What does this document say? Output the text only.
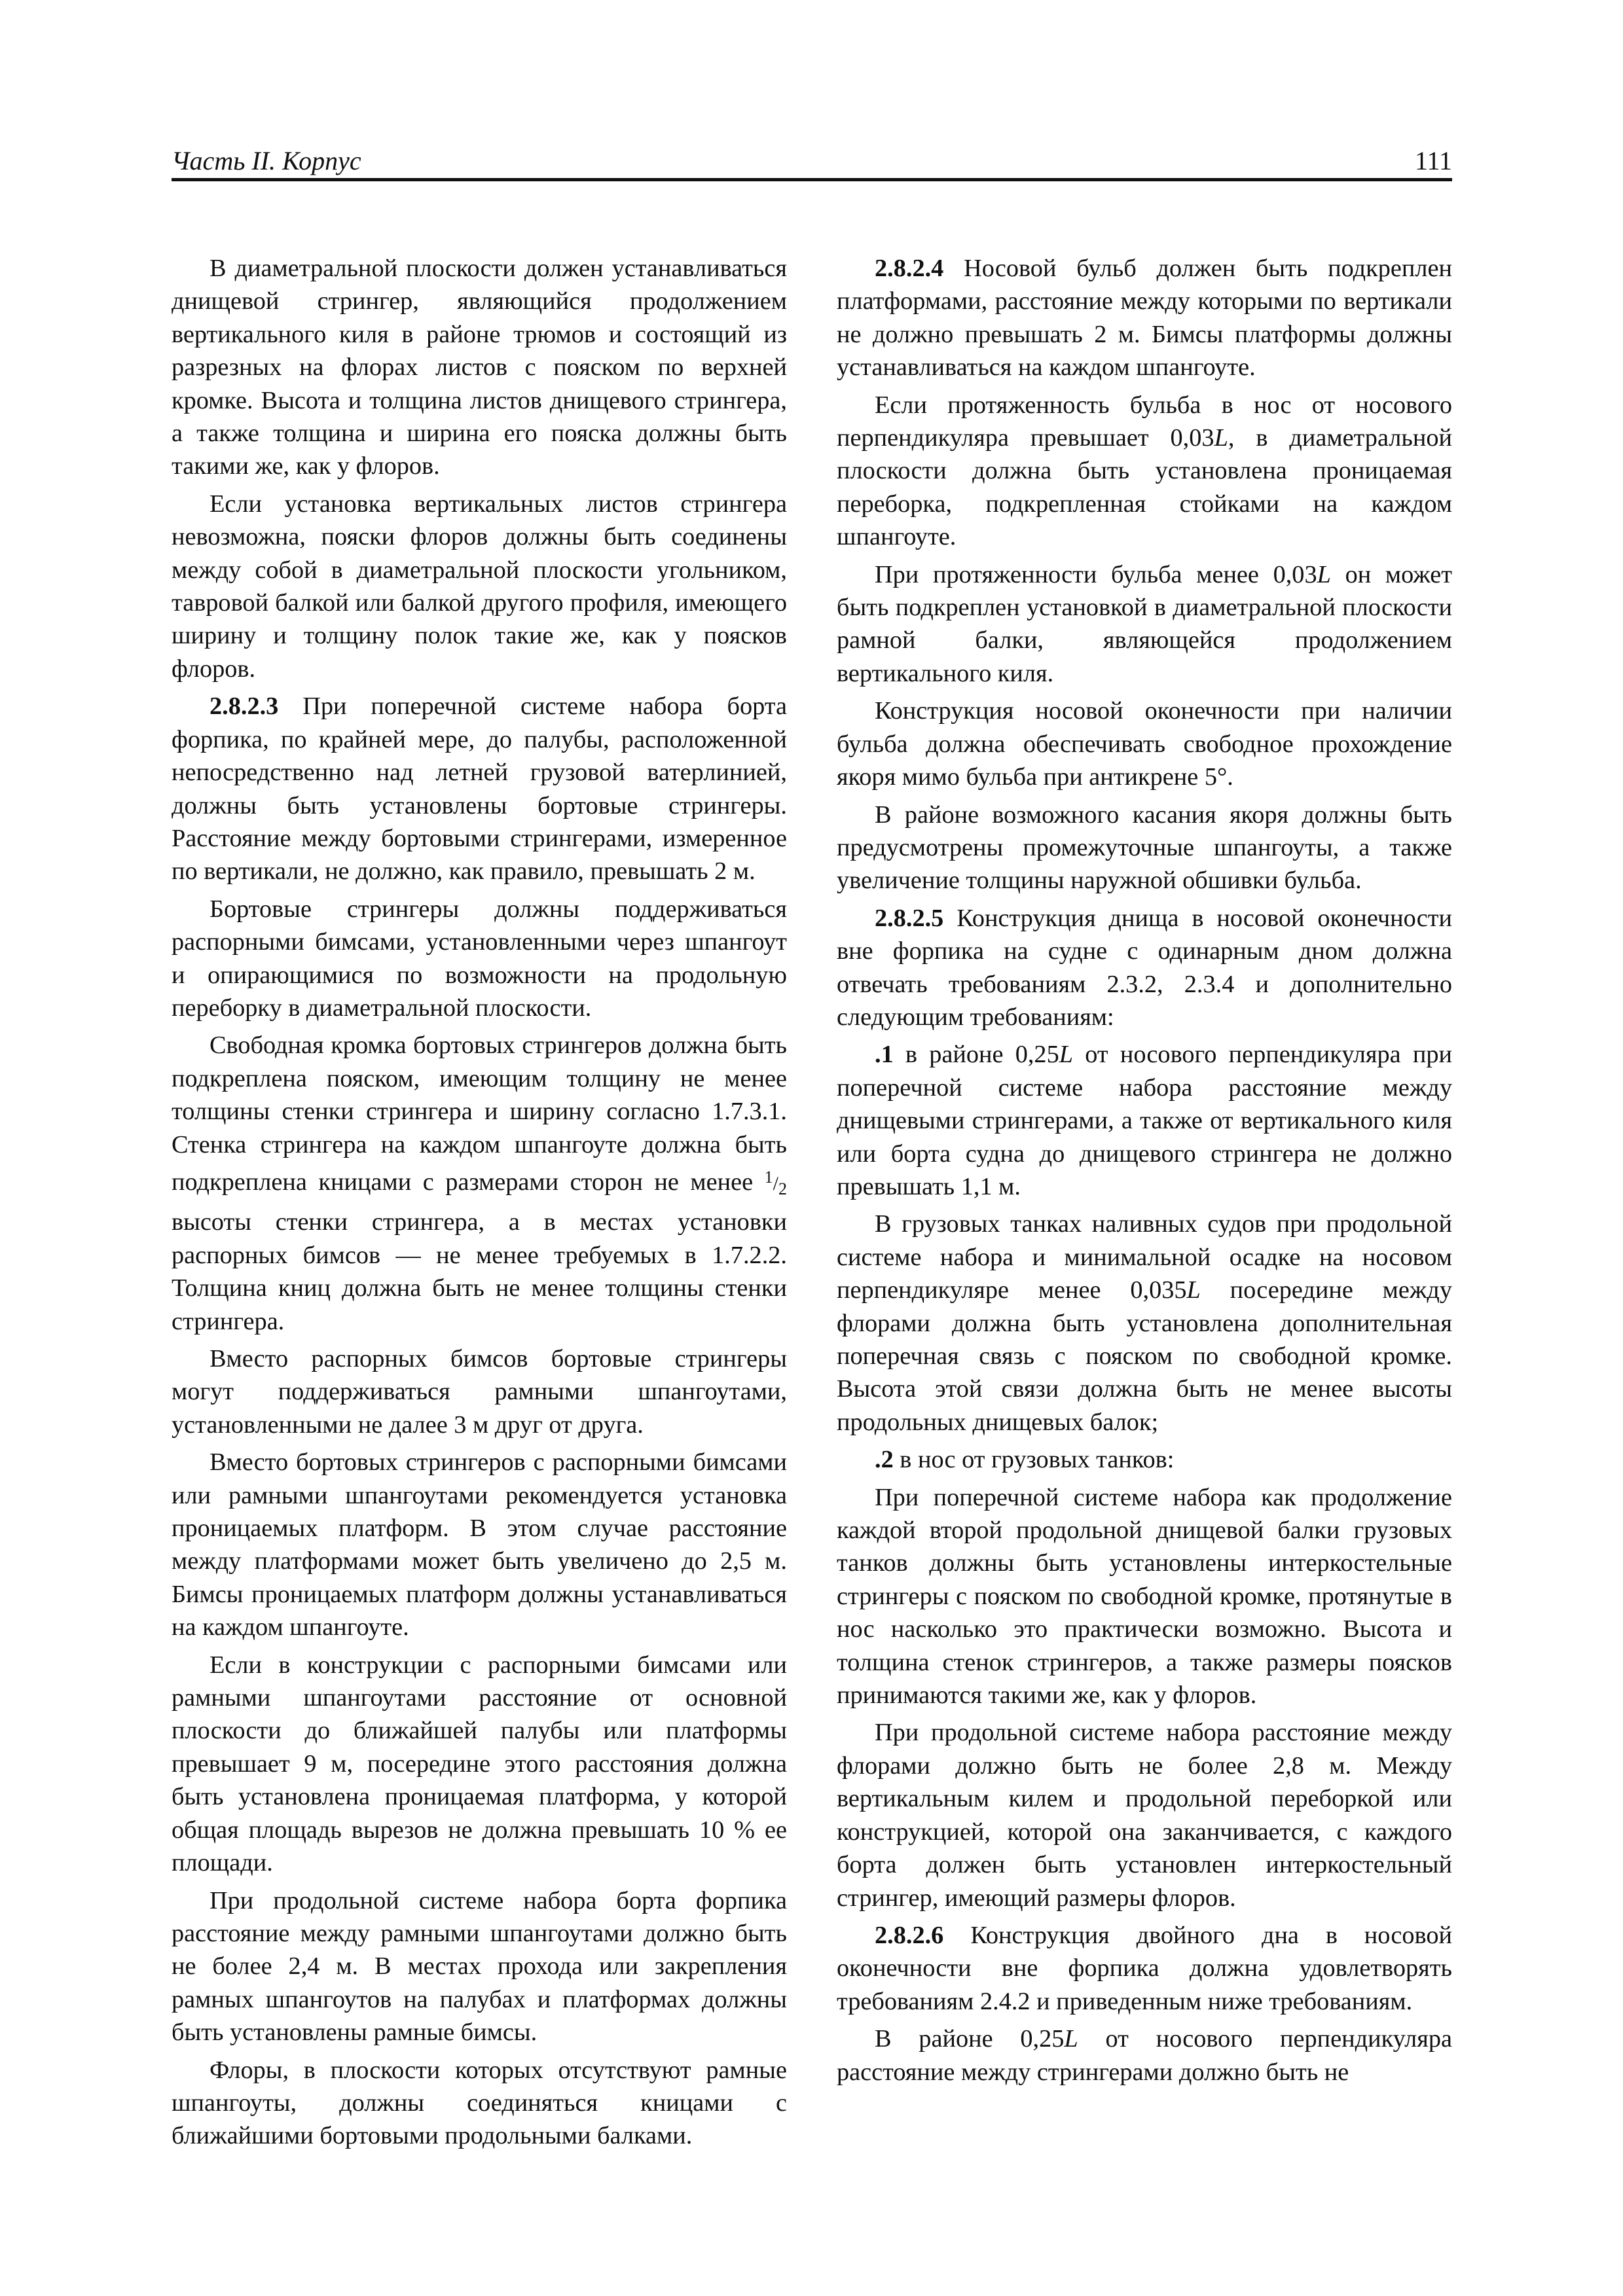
Часть II. Корпус	111

В диаметральной плоскости должен устанавливаться днищевой стрингер, являющийся продолжением вертикального киля в районе трюмов и состоящий из разрезных на флорах листов с пояском по верхней кромке. Высота и толщина листов днищевого стрингера, а также толщина и ширина его пояска должны быть такими же, как у флоров.

Если установка вертикальных листов стрингера невозможна, пояски флоров должны быть соединены между собой в диаметральной плоскости угольником, тавровой балкой или балкой другого профиля, имеющего ширину и толщину полок такие же, как у поясков флоров.

2.8.2.3 При поперечной системе набора борта форпика, по крайней мере, до палубы, расположенной непосредственно над летней грузовой ватерлинией, должны быть установлены бортовые стрингеры. Расстояние между бортовыми стрингерами, измеренное по вертикали, не должно, как правило, превышать 2 м.

Бортовые стрингеры должны поддерживаться распорными бимсами, установленными через шпангоут и опирающимися по возможности на продольную переборку в диаметральной плоскости.

Свободная кромка бортовых стрингеров должна быть подкреплена пояском, имеющим толщину не менее толщины стенки стрингера и ширину согласно 1.7.3.1. Стенка стрингера на каждом шпангоуте должна быть подкреплена кницами с размерами сторон не менее $^1/_2$ высоты стенки стрингера, а в местах установки распорных бимсов — не менее требуемых в 1.7.2.2. Толщина книц должна быть не менее толщины стенки стрингера.

Вместо распорных бимсов бортовые стрингеры могут поддерживаться рамными шпангоутами, установленными не далее 3 м друг от друга.

Вместо бортовых стрингеров с распорными бимсами или рамными шпангоутами рекомендуется установка проницаемых платформ. В этом случае расстояние между платформами может быть увеличено до 2,5 м. Бимсы проницаемых платформ должны устанавливаться на каждом шпангоуте.

Если в конструкции с распорными бимсами или рамными шпангоутами расстояние от основной плоскости до ближайшей палубы или платформы превышает 9 м, посередине этого расстояния должна быть установлена проницаемая платформа, у которой общая площадь вырезов не должна превышать 10 % ее площади.

При продольной системе набора борта форпика расстояние между рамными шпангоутами должно быть не более 2,4 м. В местах прохода или закрепления рамных шпангоутов на палубах и платформах должны быть установлены рамные бимсы.

Флоры, в плоскости которых отсутствуют рамные шпангоуты, должны соединяться кницами с ближайшими бортовыми продольными балками.

2.8.2.4 Носовой бульб должен быть подкреплен платформами, расстояние между которыми по вертикали не должно превышать 2 м. Бимсы платформы должны устанавливаться на каждом шпангоуте.

Если протяженность бульба в нос от носового перпендикуляра превышает 0,03L, в диаметральной плоскости должна быть установлена проницаемая переборка, подкрепленная стойками на каждом шпангоуте.

При протяженности бульба менее 0,03L он может быть подкреплен установкой в диаметральной плоскости рамной балки, являющейся продолжением вертикального киля.

Конструкция носовой оконечности при наличии бульба должна обеспечивать свободное прохождение якоря мимо бульба при антикрене 5°.

В районе возможного касания якоря должны быть предусмотрены промежуточные шпангоуты, а также увеличение толщины наружной обшивки бульба.

2.8.2.5 Конструкция днища в носовой оконечности вне форпика на судне с одинарным дном должна отвечать требованиям 2.3.2, 2.3.4 и дополнительно следующим требованиям:

.1 в районе 0,25L от носового перпендикуляра при поперечной системе набора расстояние между днищевыми стрингерами, а также от вертикального киля или борта судна до днищевого стрингера не должно превышать 1,1 м.

В грузовых танках наливных судов при продольной системе набора и минимальной осадке на носовом перпендикуляре менее 0,035L посередине между флорами должна быть установлена дополнительная поперечная связь с пояском по свободной кромке. Высота этой связи должна быть не менее высоты продольных днищевых балок;

.2 в нос от грузовых танков:

При поперечной системе набора как продолжение каждой второй продольной днищевой балки грузовых танков должны быть установлены интеркостельные стрингеры с пояском по свободной кромке, протянутые в нос насколько это практически возможно. Высота и толщина стенок стрингеров, а также размеры поясков принимаются такими же, как у флоров.

При продольной системе набора расстояние между флорами должно быть не более 2,8 м. Между вертикальным килем и продольной переборкой или конструкцией, которой она заканчивается, с каждого борта должен быть установлен интеркостельный стрингер, имеющий размеры флоров.

2.8.2.6 Конструкция двойного дна в носовой оконечности вне форпика должна удовлетворять требованиям 2.4.2 и приведенным ниже требованиям.

В районе 0,25L от носового перпендикуляра расстояние между стрингерами должно быть не
